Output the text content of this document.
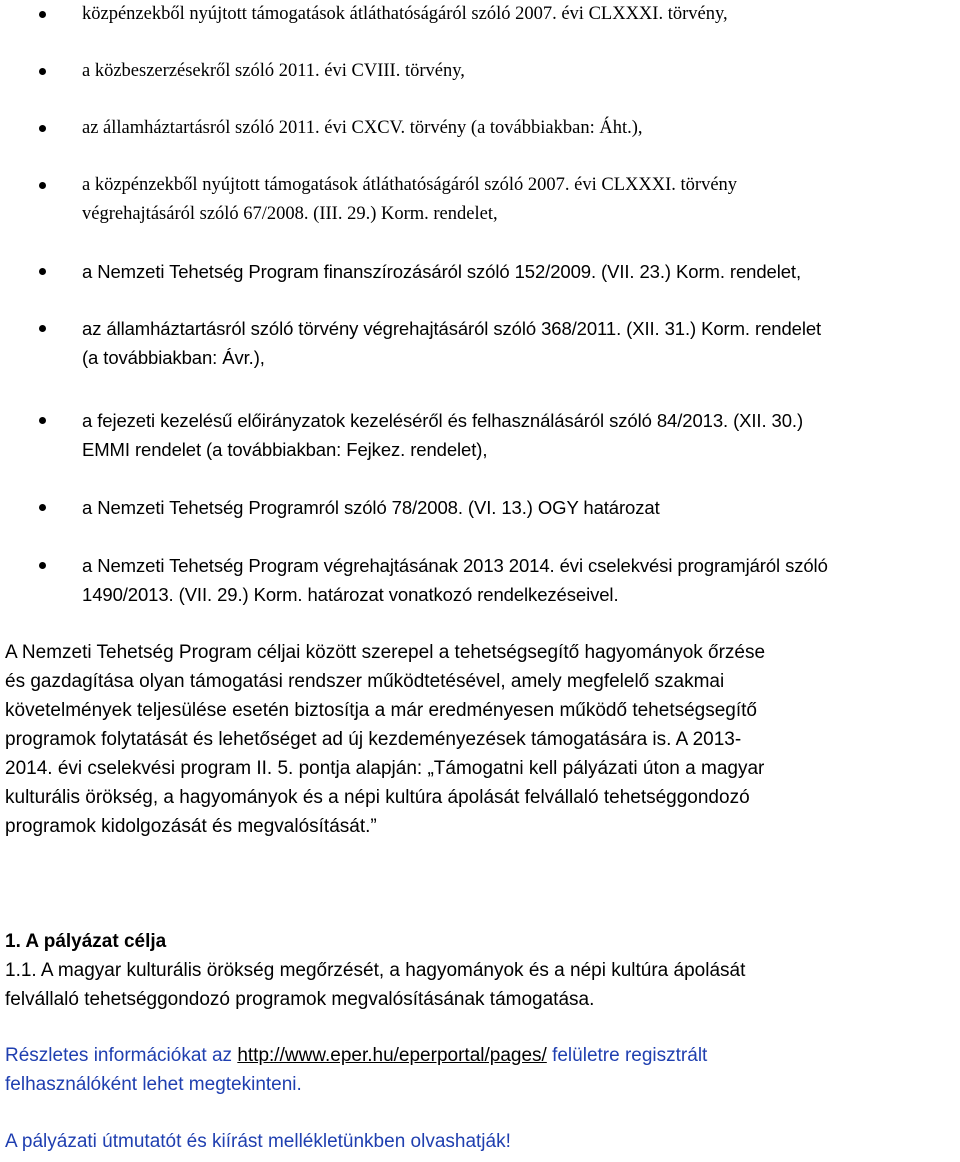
közpénzekből nyújtott támogatások átláthatóságáról szóló 2007. évi CLXXXI. törvény,
a közbeszerzésekről szóló 2011. évi CVIII. törvény,
az államháztartásról szóló 2011. évi CXCV. törvény (a továbbiakban: Áht.),
a közpénzekből nyújtott támogatások átláthatóságáról szóló 2007. évi CLXXXI. törvény
végrehajtásáról szóló 67/2008. (III. 29.) Korm. rendelet,
a Nemzeti Tehetség Program finanszírozásáról szóló 152/2009. (VII. 23.) Korm. rendelet,
az államháztartásról szóló törvény végrehajtásáról szóló 368/2011. (XII. 31.) Korm. rendelet
(a továbbiakban: Ávr.),
a fejezeti kezelésű előirányzatok kezeléséről és felhasználásáról szóló 84/2013. (XII. 30.)
EMMI rendelet (a továbbiakban: Fejkez. rendelet),
a Nemzeti Tehetség Programról szóló 78/2008. (VI. 13.) OGY határozat
a Nemzeti Tehetség Program végrehajtásának 2013 2014. évi cselekvési programjáról szóló
1490/2013. (VII. 29.) Korm. határozat vonatkozó rendelkezéseivel.
A Nemzeti Tehetség Program céljai között szerepel a tehetségsegítő hagyományok őrzése
és gazdagítása olyan támogatási rendszer működtetésével, amely megfelelő szakmai
követelmények teljesülése esetén biztosítja a már eredményesen működő tehetségsegítő
programok folytatását és lehetőséget ad új kezdeményezések támogatására is. A 2013-
2014. évi cselekvési program II. 5. pontja alapján: „Támogatni kell pályázati úton a magyar
kulturális örökség, a hagyományok és a népi kultúra ápolását felvállaló tehetséggondozó
programok kidolgozását és megvalósítását.”
1. A pályázat célja
1.1. A magyar kulturális örökség megőrzését, a hagyományok és a népi kultúra ápolását
felvállaló tehetséggondozó programok megvalósításának támogatása.
Részletes információkat az http://www.eper.hu/eperportal/pages/ felületre regisztrált
felhasználóként lehet megtekinteni.
A pályázati útmutatót és kiírást mellékletünkben olvashatják!
